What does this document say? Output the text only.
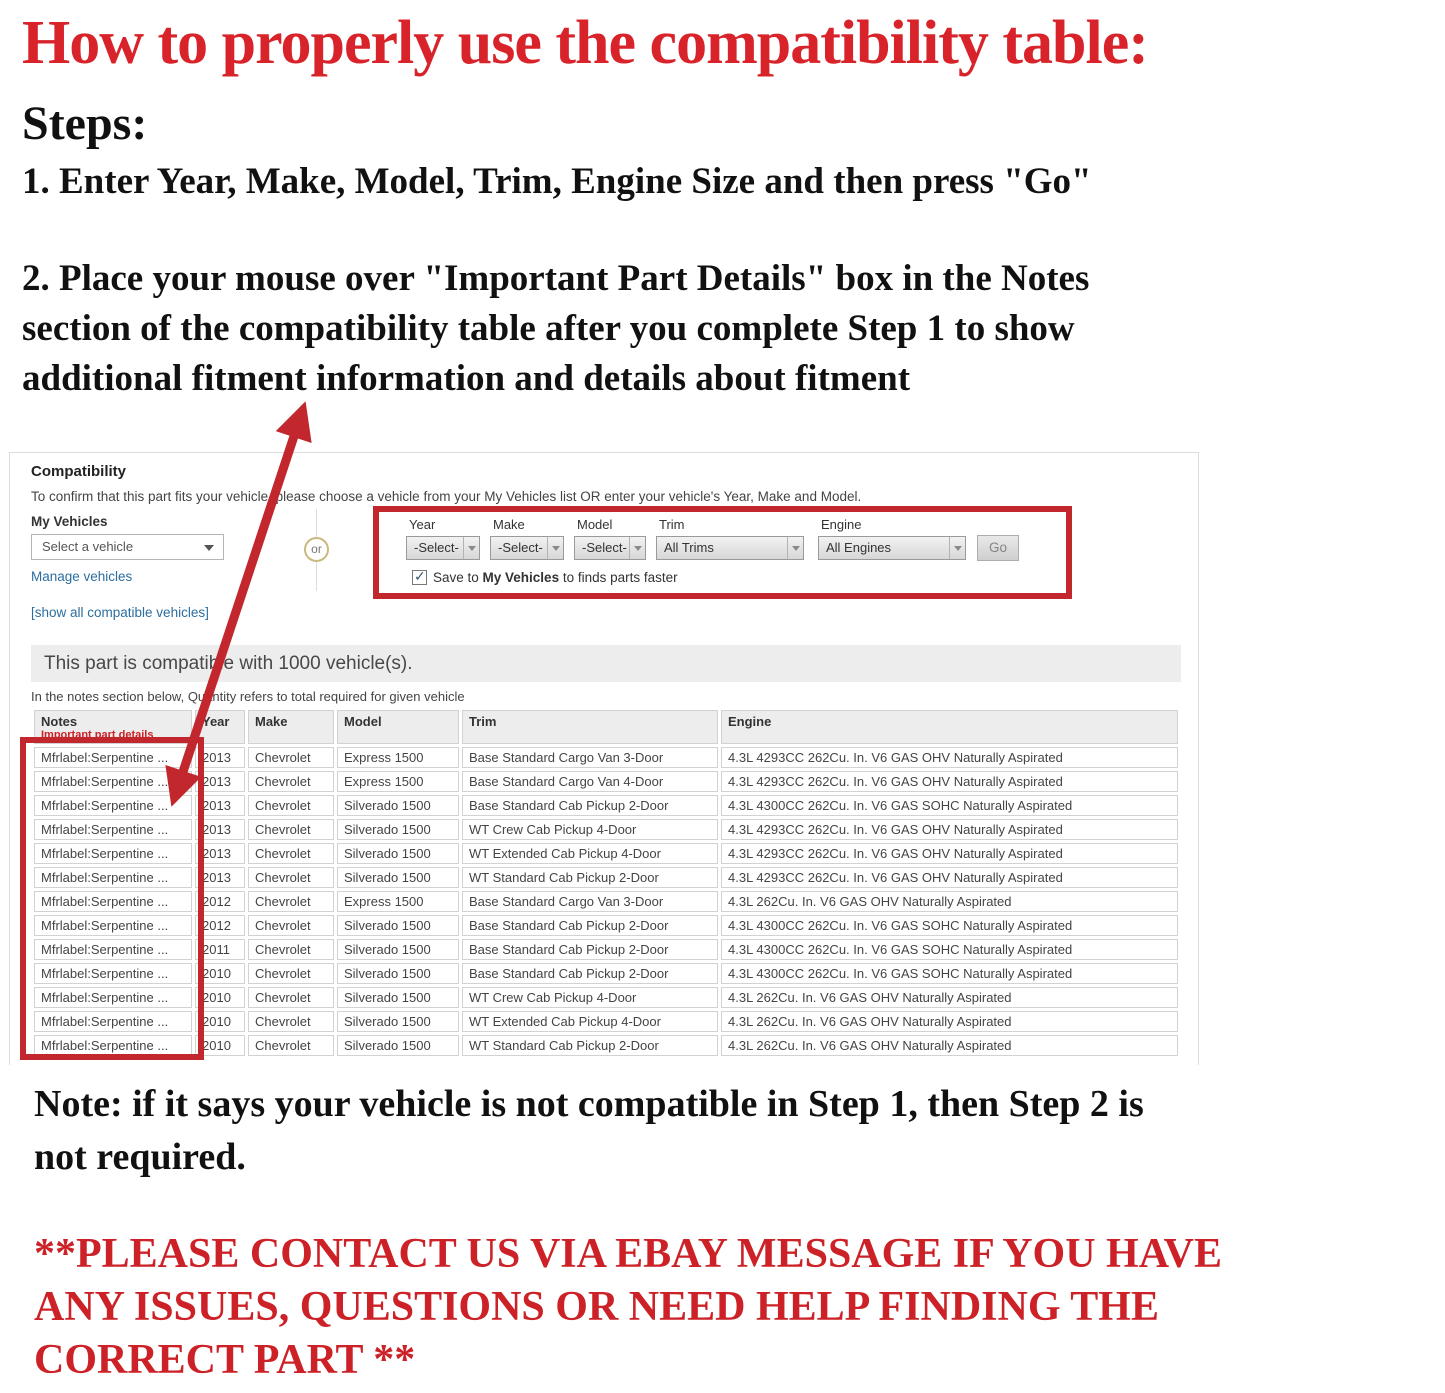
How to properly use the compatibility table:
Steps:
1. Enter Year, Make, Model, Trim, Engine Size and then press "Go"
2. Place your mouse over "Important Part Details" box in the Notes
section of the compatibility table after you complete Step 1 to show
additional fitment information and details about fitment
Compatibility
To confirm that this part fits your vehicle, please choose a vehicle from your My Vehicles list OR enter your vehicle's Year, Make and Model.
My Vehicles
Select a vehicle
Manage vehicles
[show all compatible vehicles]
or
Year	Make	Model	Trim	Engine
-Select-	-Select-	-Select-	All Trims	All Engines	Go
✓ Save to My Vehicles to finds parts faster
This part is compatible with 1000 vehicle(s).
In the notes section below, Quantity refers to total required for given vehicle
Notes
Important part details	Year	Make	Model	Trim	Engine
Mfrlabel:Serpentine ...	2013	Chevrolet	Express 1500	Base Standard Cargo Van 3-Door	4.3L 4293CC 262Cu. In. V6 GAS OHV Naturally Aspirated
Mfrlabel:Serpentine ...	2013	Chevrolet	Express 1500	Base Standard Cargo Van 4-Door	4.3L 4293CC 262Cu. In. V6 GAS OHV Naturally Aspirated
Mfrlabel:Serpentine ...	2013	Chevrolet	Silverado 1500	Base Standard Cab Pickup 2-Door	4.3L 4300CC 262Cu. In. V6 GAS SOHC Naturally Aspirated
Mfrlabel:Serpentine ...	2013	Chevrolet	Silverado 1500	WT Crew Cab Pickup 4-Door	4.3L 4293CC 262Cu. In. V6 GAS OHV Naturally Aspirated
Mfrlabel:Serpentine ...	2013	Chevrolet	Silverado 1500	WT Extended Cab Pickup 4-Door	4.3L 4293CC 262Cu. In. V6 GAS OHV Naturally Aspirated
Mfrlabel:Serpentine ...	2013	Chevrolet	Silverado 1500	WT Standard Cab Pickup 2-Door	4.3L 4293CC 262Cu. In. V6 GAS OHV Naturally Aspirated
Mfrlabel:Serpentine ...	2012	Chevrolet	Express 1500	Base Standard Cargo Van 3-Door	4.3L 262Cu. In. V6 GAS OHV Naturally Aspirated
Mfrlabel:Serpentine ...	2012	Chevrolet	Silverado 1500	Base Standard Cab Pickup 2-Door	4.3L 4300CC 262Cu. In. V6 GAS SOHC Naturally Aspirated
Mfrlabel:Serpentine ...	2011	Chevrolet	Silverado 1500	Base Standard Cab Pickup 2-Door	4.3L 4300CC 262Cu. In. V6 GAS SOHC Naturally Aspirated
Mfrlabel:Serpentine ...	2010	Chevrolet	Silverado 1500	Base Standard Cab Pickup 2-Door	4.3L 4300CC 262Cu. In. V6 GAS SOHC Naturally Aspirated
Mfrlabel:Serpentine ...	2010	Chevrolet	Silverado 1500	WT Crew Cab Pickup 4-Door	4.3L 262Cu. In. V6 GAS OHV Naturally Aspirated
Mfrlabel:Serpentine ...	2010	Chevrolet	Silverado 1500	WT Extended Cab Pickup 4-Door	4.3L 262Cu. In. V6 GAS OHV Naturally Aspirated
Mfrlabel:Serpentine ...	2010	Chevrolet	Silverado 1500	WT Standard Cab Pickup 2-Door	4.3L 262Cu. In. V6 GAS OHV Naturally Aspirated
Note: if it says your vehicle is not compatible in Step 1, then Step 2 is
not required.
**PLEASE CONTACT US VIA EBAY MESSAGE IF YOU HAVE
ANY ISSUES, QUESTIONS OR NEED HELP FINDING THE
CORRECT PART **
